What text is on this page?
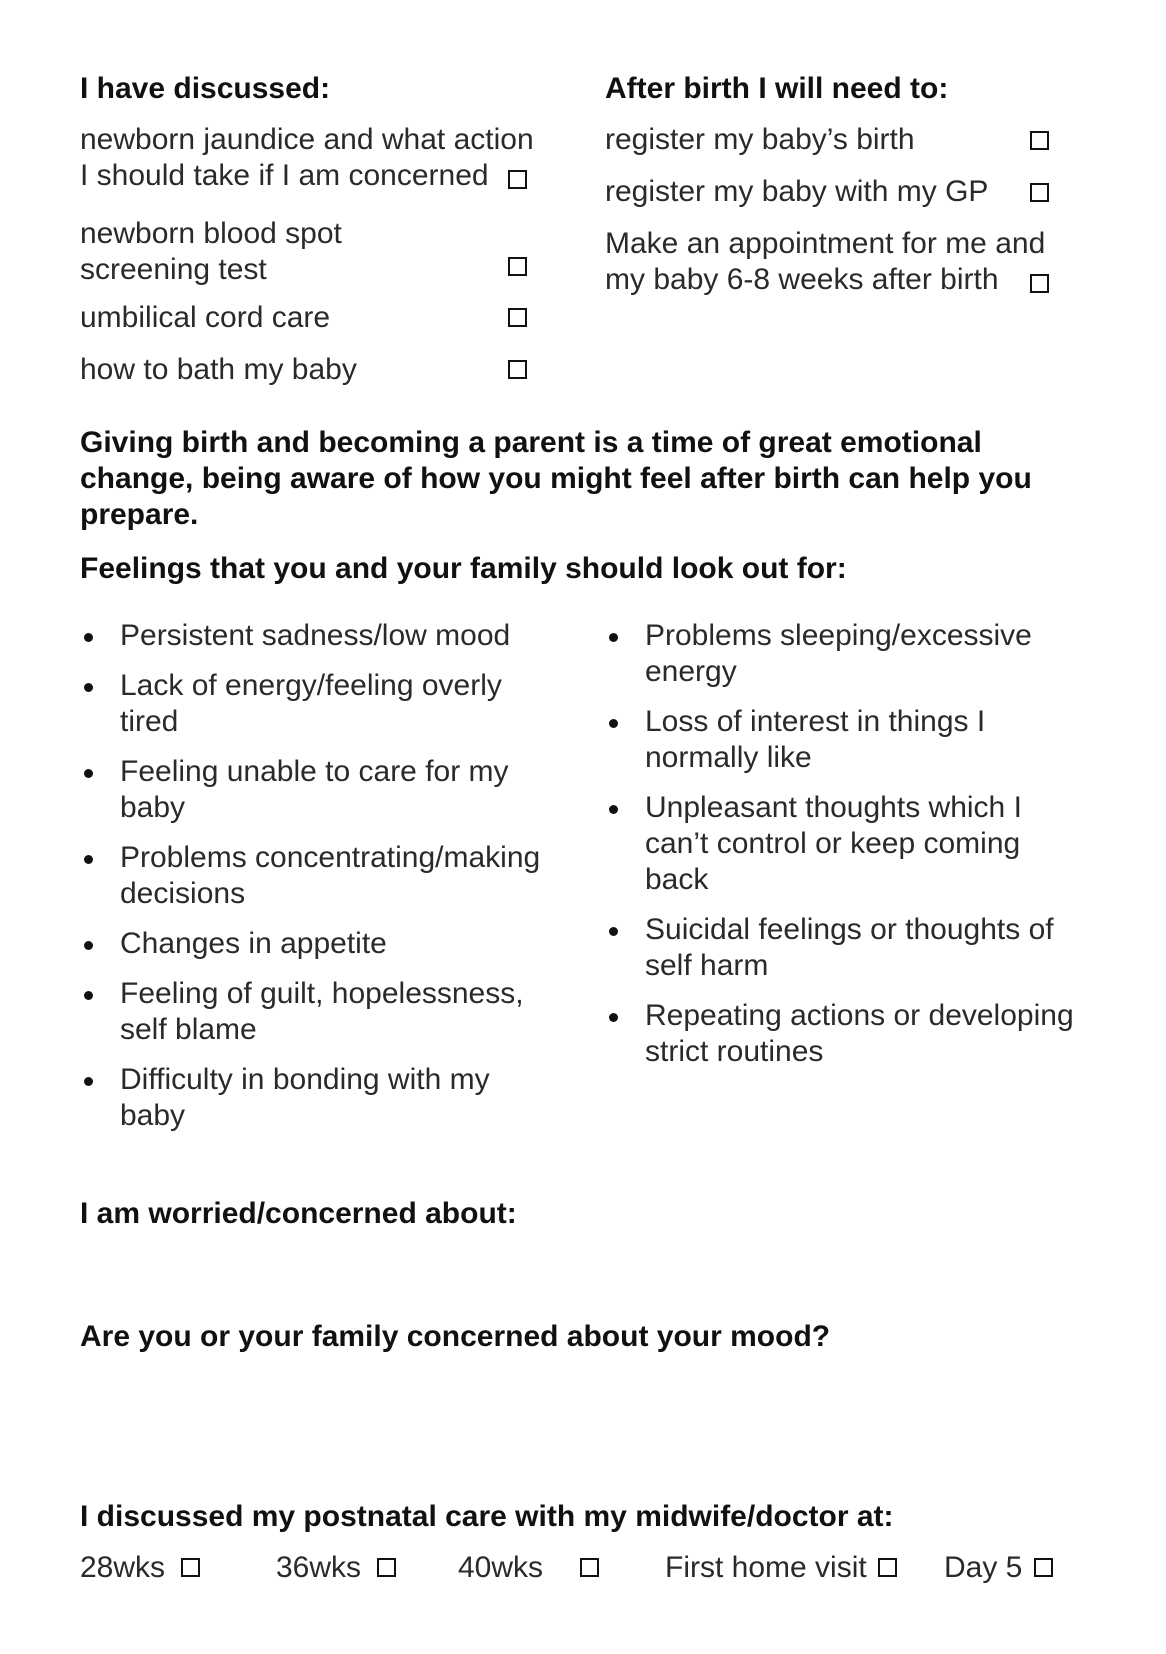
I have discussed:
newborn jaundice and what action
I should take if I am concerned
newborn blood spot
screening test
umbilical cord care
how to bath my baby
After birth I will need to:
register my baby’s birth
register my baby with my GP
Make an appointment for me and
my baby 6-8 weeks after birth
Giving birth and becoming a parent is a time of great emotional change, being aware of how you might feel after birth can help you prepare.
Feelings that you and your family should look out for:
Persistent sadness/low mood
Lack of energy/feeling overly tired
Feeling unable to care for my baby
Problems concentrating/making decisions
Changes in appetite
Feeling of guilt, hopelessness, self blame
Difficulty in bonding with my baby
Problems sleeping/excessive energy
Loss of interest in things I normally like
Unpleasant thoughts which I can’t control or keep coming back
Suicidal feelings or thoughts of self harm
Repeating actions or developing strict routines
I am worried/concerned about:
Are you or your family concerned about your mood?
I discussed my postnatal care with my midwife/doctor at:
28wks	36wks	40wks	First home visit	Day 5
